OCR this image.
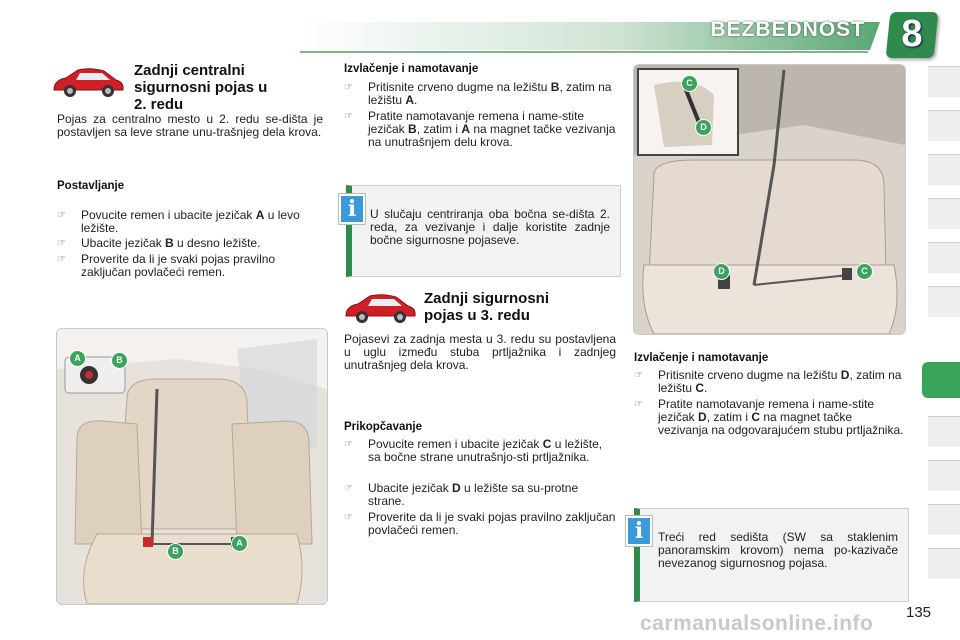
BEZBEDNOST 8
Zadnji centralni
sigurnosni pojas u
2. redu
Pojas za centralno mesto u 2. redu se-dišta je postavljen sa leve strane unu-trašnjeg dela krova.
Postavljanje
☞ Povucite remen i ubacite jezičak A u levo ležište.
☞ Ubacite jezičak B u desno ležište.
☞ Proverite da li je svaki pojas pravilno zaključan povlačeći remen.
A	B
B
A
Izvlačenje i namotavanje
☞ Pritisnite crveno dugme na ležištu B, zatim na ležištu A.
☞ Pratite namotavanje remena i name-stite jezičak B, zatim i A na magnet tačke vezivanja na unutrašnjem delu krova.
U slučaju centriranja oba bočna se-dišta 2. reda, za vezivanje i dalje koristite zadnje bočne sigurnosne pojaseve.
i
Zadnji sigurnosni
pojas u 3. redu
Pojasevi za zadnja mesta u 3. redu su postavljena u uglu između stuba prtljažnika i zadnjeg unutrašnjeg dela krova.
Prikopčavanje
☞ Povucite remen i ubacite jezičak C u ležište, sa bočne strane unutrašnjo-sti prtljažnika.
☞ Ubacite jezičak D u ležište sa su-protne strane.
☞ Proverite da li je svaki pojas pravilno zaključan povlačeći remen.
C
D
D	C
Izvlačenje i namotavanje
☞ Pritisnite crveno dugme na ležištu D, zatim na ležištu C.
☞ Pratite namotavanje remena i name-stite jezičak D, zatim i C na magnet tačke vezivanja na odgovarajućem stubu prtljažnika.
Treći red sedišta (SW sa staklenim panoramskim krovom) nema po-kazivače nevezanog sigurnosnog pojasa.
i
carmanualsonline.info 135
